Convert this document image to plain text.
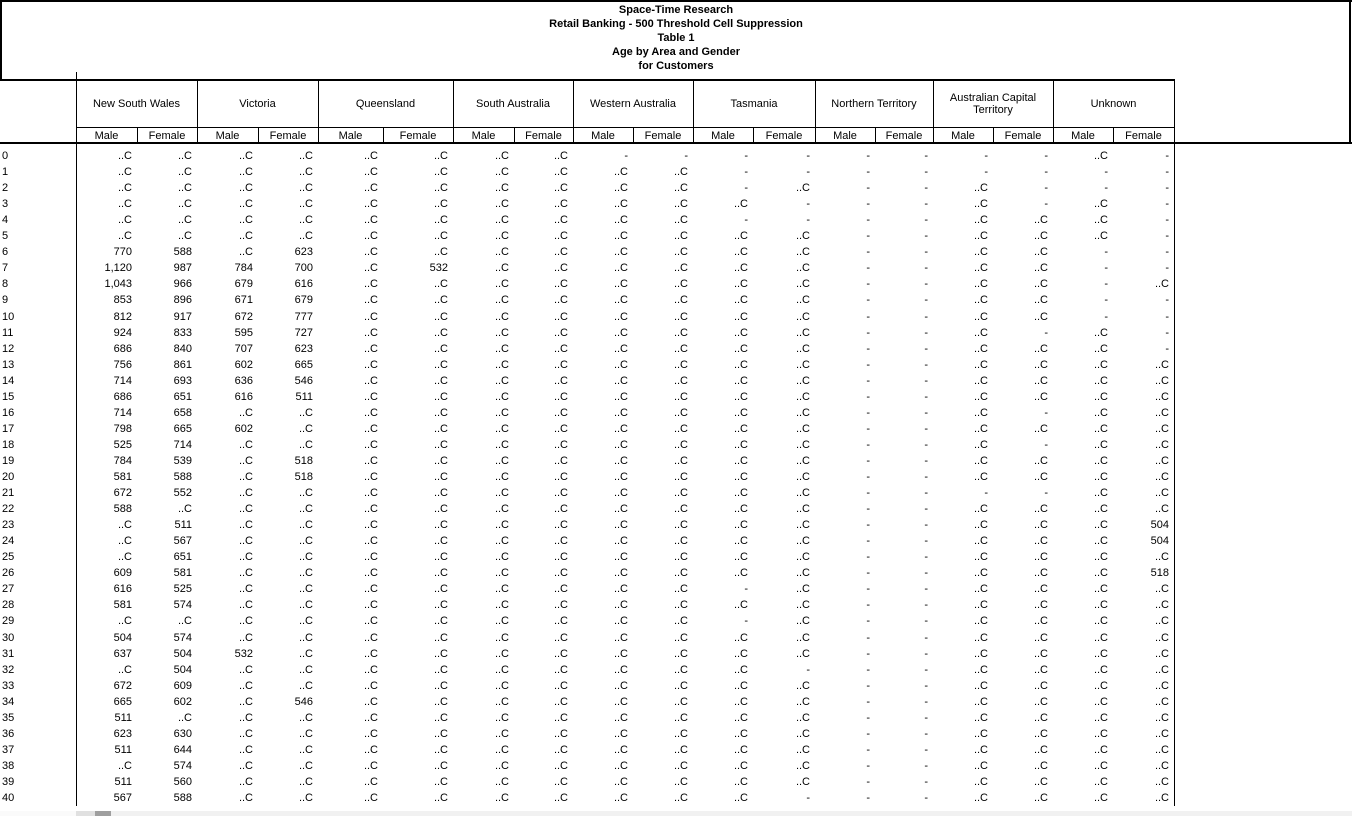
Space-Time Research
Retail Banking - 500 Threshold Cell Suppression
Table 1
Age by Area and Gender
for Customers
New South Wales	Victoria	Queensland	South Australia	Western Australia	Tasmania	Northern Territory	Australian Capital Territory	Unknown
Male	Female	Male	Female	Male	Female	Male	Female	Male	Female	Male	Female	Male	Female	Male	Female	Male	Female
0	..C	..C	..C	..C	..C	..C	..C	..C	-	-	-	-	-	-	-	-	..C	-
1	..C	..C	..C	..C	..C	..C	..C	..C	..C	..C	-	-	-	-	-	-	-	-
2	..C	..C	..C	..C	..C	..C	..C	..C	..C	..C	-	..C	-	-	..C	-	-	-
3	..C	..C	..C	..C	..C	..C	..C	..C	..C	..C	..C	-	-	-	..C	-	..C	-
4	..C	..C	..C	..C	..C	..C	..C	..C	..C	..C	-	-	-	-	..C	..C	..C	-
5	..C	..C	..C	..C	..C	..C	..C	..C	..C	..C	..C	..C	-	-	..C	..C	..C	-
6	770	588	..C	623	..C	..C	..C	..C	..C	..C	..C	..C	-	-	..C	..C	-	-
7	1,120	987	784	700	..C	532	..C	..C	..C	..C	..C	..C	-	-	..C	..C	-	-
8	1,043	966	679	616	..C	..C	..C	..C	..C	..C	..C	..C	-	-	..C	..C	-	..C
9	853	896	671	679	..C	..C	..C	..C	..C	..C	..C	..C	-	-	..C	..C	-	-
10	812	917	672	777	..C	..C	..C	..C	..C	..C	..C	..C	-	-	..C	..C	-	-
11	924	833	595	727	..C	..C	..C	..C	..C	..C	..C	..C	-	-	..C	-	..C	-
12	686	840	707	623	..C	..C	..C	..C	..C	..C	..C	..C	-	-	..C	..C	..C	-
13	756	861	602	665	..C	..C	..C	..C	..C	..C	..C	..C	-	-	..C	..C	..C	..C
14	714	693	636	546	..C	..C	..C	..C	..C	..C	..C	..C	-	-	..C	..C	..C	..C
15	686	651	616	511	..C	..C	..C	..C	..C	..C	..C	..C	-	-	..C	..C	..C	..C
16	714	658	..C	..C	..C	..C	..C	..C	..C	..C	..C	..C	-	-	..C	-	..C	..C
17	798	665	602	..C	..C	..C	..C	..C	..C	..C	..C	..C	-	-	..C	..C	..C	..C
18	525	714	..C	..C	..C	..C	..C	..C	..C	..C	..C	..C	-	-	..C	-	..C	..C
19	784	539	..C	518	..C	..C	..C	..C	..C	..C	..C	..C	-	-	..C	..C	..C	..C
20	581	588	..C	518	..C	..C	..C	..C	..C	..C	..C	..C	-	-	..C	..C	..C	..C
21	672	552	..C	..C	..C	..C	..C	..C	..C	..C	..C	..C	-	-	-	-	..C	..C
22	588	..C	..C	..C	..C	..C	..C	..C	..C	..C	..C	..C	-	-	..C	..C	..C	..C
23	..C	511	..C	..C	..C	..C	..C	..C	..C	..C	..C	..C	-	-	..C	..C	..C	504
24	..C	567	..C	..C	..C	..C	..C	..C	..C	..C	..C	..C	-	-	..C	..C	..C	504
25	..C	651	..C	..C	..C	..C	..C	..C	..C	..C	..C	..C	-	-	..C	..C	..C	..C
26	609	581	..C	..C	..C	..C	..C	..C	..C	..C	..C	..C	-	-	..C	..C	..C	518
27	616	525	..C	..C	..C	..C	..C	..C	..C	..C	-	..C	-	-	..C	..C	..C	..C
28	581	574	..C	..C	..C	..C	..C	..C	..C	..C	..C	..C	-	-	..C	..C	..C	..C
29	..C	..C	..C	..C	..C	..C	..C	..C	..C	..C	-	..C	-	-	..C	..C	..C	..C
30	504	574	..C	..C	..C	..C	..C	..C	..C	..C	..C	..C	-	-	..C	..C	..C	..C
31	637	504	532	..C	..C	..C	..C	..C	..C	..C	..C	..C	-	-	..C	..C	..C	..C
32	..C	504	..C	..C	..C	..C	..C	..C	..C	..C	..C	-	-	-	..C	..C	..C	..C
33	672	609	..C	..C	..C	..C	..C	..C	..C	..C	..C	..C	-	-	..C	..C	..C	..C
34	665	602	..C	546	..C	..C	..C	..C	..C	..C	..C	..C	-	-	..C	..C	..C	..C
35	511	..C	..C	..C	..C	..C	..C	..C	..C	..C	..C	..C	-	-	..C	..C	..C	..C
36	623	630	..C	..C	..C	..C	..C	..C	..C	..C	..C	..C	-	-	..C	..C	..C	..C
37	511	644	..C	..C	..C	..C	..C	..C	..C	..C	..C	..C	-	-	..C	..C	..C	..C
38	..C	574	..C	..C	..C	..C	..C	..C	..C	..C	..C	..C	-	-	..C	..C	..C	..C
39	511	560	..C	..C	..C	..C	..C	..C	..C	..C	..C	..C	-	-	..C	..C	..C	..C
40	567	588	..C	..C	..C	..C	..C	..C	..C	..C	..C	-	-	-	..C	..C	..C	..C
